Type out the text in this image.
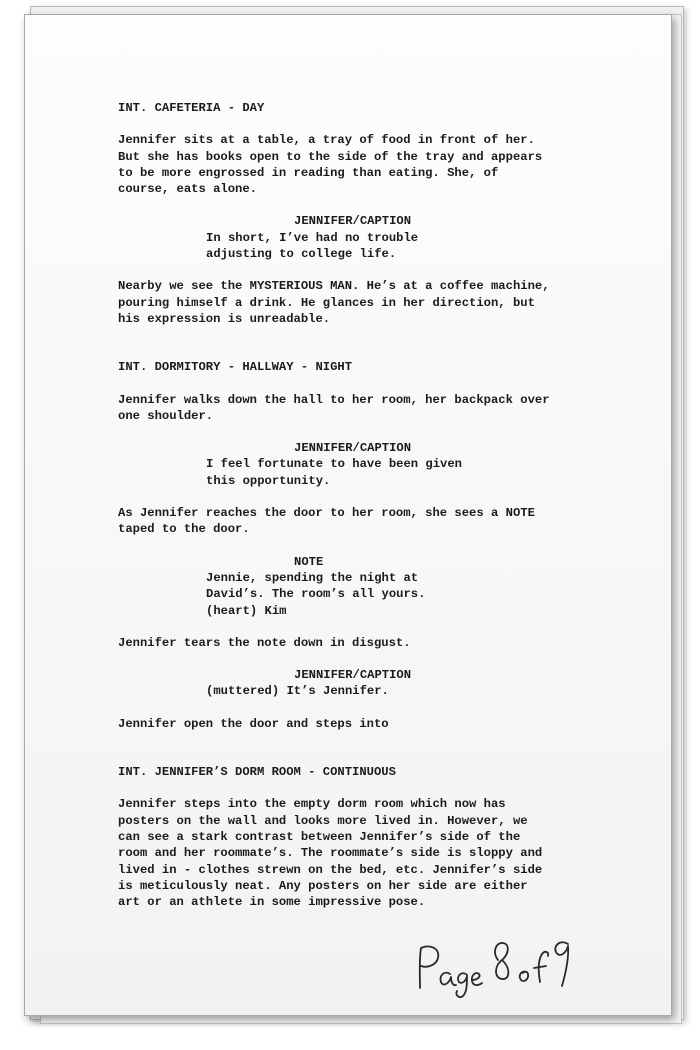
INT. CAFETERIA - DAY
Jennifer sits at a table, a tray of food in front of her.
But she has books open to the side of the tray and appears
to be more engrossed in reading than eating. She, of
course, eats alone.
JENNIFER/CAPTION
In short, I’ve had no trouble
adjusting to college life.
Nearby we see the MYSTERIOUS MAN. He’s at a coffee machine,
pouring himself a drink. He glances in her direction, but
his expression is unreadable.
INT. DORMITORY - HALLWAY - NIGHT
Jennifer walks down the hall to her room, her backpack over
one shoulder.
JENNIFER/CAPTION
I feel fortunate to have been given
this opportunity.
As Jennifer reaches the door to her room, she sees a NOTE
taped to the door.
NOTE
Jennie, spending the night at
David’s. The room’s all yours.
(heart) Kim
Jennifer tears the note down in disgust.
JENNIFER/CAPTION
(muttered) It’s Jennifer.
Jennifer open the door and steps into
INT. JENNIFER’S DORM ROOM - CONTINUOUS
Jennifer steps into the empty dorm room which now has
posters on the wall and looks more lived in. However, we
can see a stark contrast between Jennifer’s side of the
room and her roommate’s. The roommate’s side is sloppy and
lived in - clothes strewn on the bed, etc. Jennifer’s side
is meticulously neat. Any posters on her side are either
art or an athlete in some impressive pose.
